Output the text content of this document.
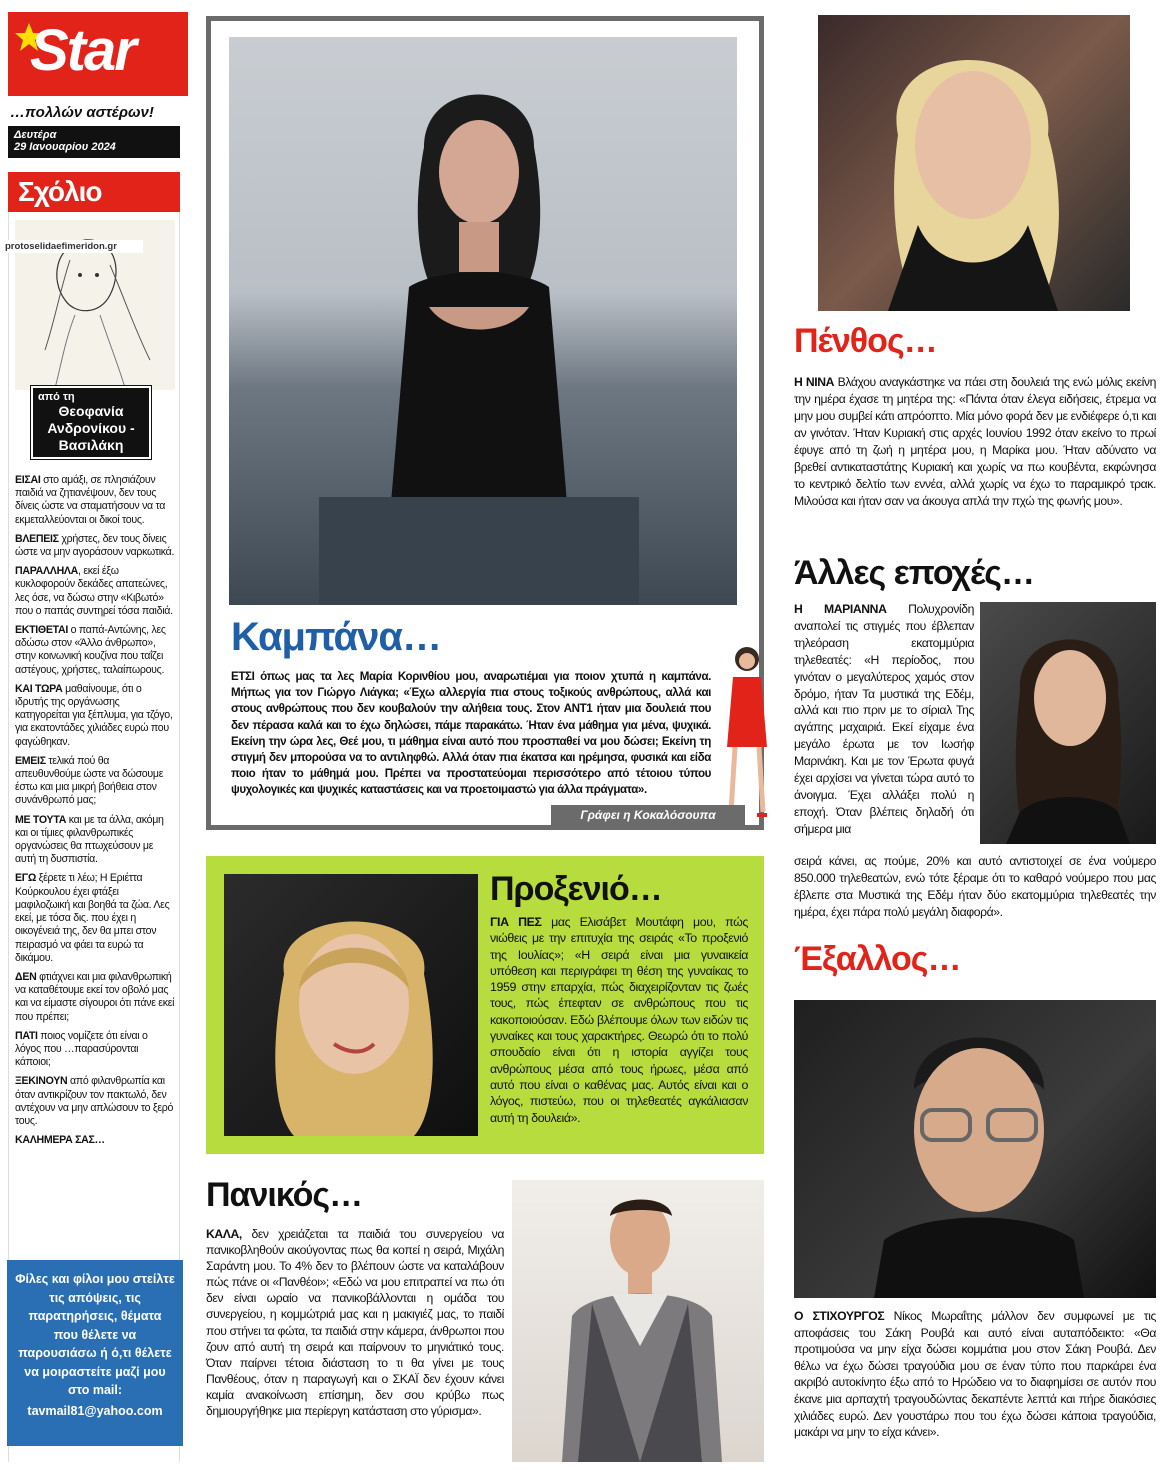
Star
…πολλών αστέρων!
Δευτέρα
29 Ιανουαρίου 2024
Σχόλιο
protoselidaefimeridon.gr
από τη
Θεοφανία Ανδρονίκου - Βασιλάκη

ΕΙΣΑΙ στο αμάξι, σε πλησιάζουν παιδιά να ζητιανέψουν, δεν τους δίνεις ώστε να σταματήσουν να τα εκμεταλλεύονται οι δικοί τους.

ΒΛΕΠΕΙΣ χρήστες, δεν τους δίνεις ώστε να μην αγοράσουν ναρκωτικά.

ΠΑΡΑΛΛΗΛΑ, εκεί έξω κυκλοφορούν δεκάδες απατεώνες, λες όσε, να δώσω στην «Κιβωτό» που ο παπάς συντηρεί τόσα παιδιά.

ΕΚΤΙΘΕΤΑΙ ο παπά-Αντώνης, λες αδώσω στον «Άλλο άνθρωπο», στην κοινωνική κουζίνα που ταΐζει αστέγους, χρήστες, ταλαίπωρους.

ΚΑΙ ΤΩΡΑ μαθαίνουμε, ότι ο ιδρυτής της οργάνωσης κατηγορείται για ξέπλυμα, για τζόγο, για εκατοντάδες χιλιάδες ευρώ που φαγώθηκαν.

ΕΜΕΙΣ τελικά πού θα απευθυνθούμε ώστε να δώσουμε έστω και μια μικρή βοήθεια στον συνάνθρωπό μας;

ΜΕ ΤΟΥΤΑ και με τα άλλα, ακόμη και οι τίμιες φιλανθρωπικές οργανώσεις θα πτωχεύσουν με αυτή τη δυσπιστία.

ΕΓΩ ξέρετε τι λέω; Η Εριέττα Κούρκουλου έχει φτάξει μαφιλοζωική και βοηθά τα ζώα. Λες εκεί, με τόσα δις. που έχει η οικογένειά της, δεν θα μπει στον πειρασμό να φάει τα ευρώ τα δικάμου.

ΔΕΝ φτιάχνει και μια φιλανθρωπική να καταθέτουμε εκεί τον οβολό μας και να είμαστε σίγουροι ότι πάνε εκεί που πρέπει;

ΠΑΤΙ ποιος νομίζετε ότι είναι ο λόγος που …παρασύρονται κάποιοι;

ΞΕΚΙΝΟΥΝ από φιλανθρωπία και όταν αντικρίζουν τον πακτωλό, δεν αντέχουν να μην απλώσουν το ξερό τους.

ΚΑΛΗΜΕΡΑ ΣΑΣ…

Φίλες και φίλοι μου στείλτε τις απόψεις, τις παρατηρήσεις, θέματα που θέλετε να παρουσιάσω ή ό,τι θέλετε να μοιραστείτε μαζί μου στο mail:
tavmail81@yahoo.com
Καμπάνα…

ΕΤΣΙ όπως μας τα λες Μαρία Κορινθίου μου, αναρωτιέμαι για ποιον χτυπά η καμπάνα. Μήπως για τον Γιώργο Λιάγκα; «Έχω αλλεργία πια στους τοξικούς ανθρώπους, αλλά και στους ανθρώπους που δεν κουβαλούν την αλήθεια τους. Στον ΑΝΤ1 ήταν μια δουλειά που δεν πέρασα καλά και το έχω δηλώσει, πάμε παρακάτω. Ήταν ένα μάθημα για μένα, ψυχικά. Εκείνη την ώρα λες, Θεέ μου, τι μάθημα είναι αυτό που προσπαθεί να μου δώσει; Εκείνη τη στιγμή δεν μπορούσα να το αντιληφθώ. Αλλά όταν πια έκατσα και ηρέμησα, φυσικά και είδα ποιο ήταν το μάθημά μου. Πρέπει να προστατεύομαι περισσότερο από τέτοιου τύπου ψυχολογικές και ψυχικές καταστάσεις και να προετοιμαστώ για άλλα πράγματα».

Γράφει η Κοκαλόσουπα
Προξενιό…

ΓΙΑ ΠΕΣ μας Ελισάβετ Μουτάφη μου, πώς νιώθεις με την επιτυχία της σειράς «Το προξενιό της Ιουλίας»; «Η σειρά είναι μια γυναικεία υπόθεση και περιγράφει τη θέση της γυναίκας το 1959 στην επαρχία, πώς διαχειρίζονταν τις ζωές τους, πώς έπεφταν σε ανθρώπους που τις κακοποιούσαν. Εδώ βλέπουμε όλων των ειδών τις γυναίκες και τους χαρακτήρες. Θεωρώ ότι το πολύ σπουδαίο είναι ότι η ιστορία αγγίζει τους ανθρώπους μέσα από τους ήρωες, μέσα από αυτό που είναι ο καθένας μας. Αυτός είναι και ο λόγος, πιστεύω, που οι τηλεθεατές αγκάλιασαν αυτή τη δουλειά».

Πανικός…

ΚΑΛΑ, δεν χρειάζεται τα παιδιά του συνεργείου να πανικοβληθούν ακούγοντας πως θα κοπεί η σειρά, Μιχάλη Σαράντη μου. Το 4% δεν το βλέπουν ώστε να καταλάβουν πώς πάνε οι «Πανθέοι»; «Εδώ να μου επιτραπεί να πω ότι δεν είναι ωραίο να πανικοβάλλονται η ομάδα του συνεργείου, η κομμώτριά μας και η μακιγιέζ μας, το παιδί που στήνει τα φώτα, τα παιδιά στην κάμερα, άνθρωποι που ζουν από αυτή τη σειρά και παίρνουν το μηνιάτικό τους. Όταν παίρνει τέτοια διάσταση το τι θα γίνει με τους Πανθέους, όταν η παραγωγή και ο ΣΚΑΪ δεν έχουν κάνει καμία ανακοίνωση επίσημη, δεν σου κρύβω πως δημιουργήθηκε μια περίεργη κατάσταση στο γύρισμα».

Πένθος…

Η ΝΙΝΑ Βλάχου αναγκάστηκε να πάει στη δουλειά της ενώ μόλις εκείνη την ημέρα έχασε τη μητέρα της: «Πάντα όταν έλεγα ειδήσεις, έτρεμα να μην μου συμβεί κάτι απρόοπτο. Μία μόνο φορά δεν με ενδιέφερε ό,τι και αν γινόταν. Ήταν Κυριακή στις αρχές Ιουνίου 1992 όταν εκείνο το πρωί έφυγε από τη ζωή η μητέρα μου, η Μαρίκα μου. Ήταν αδύνατο να βρεθεί αντικαταστάτης Κυριακή και χωρίς να πω κουβέντα, εκφώνησα το κεντρικό δελτίο των εννέα, αλλά χωρίς να έχω το παραμικρό τρακ. Μιλούσα και ήταν σαν να άκουγα απλά την πχώ της φωνής μου».

Άλλες εποχές…

Η ΜΑΡΙΑΝΝΑ Πολυχρονίδη αναπολεί τις στιγμές που έβλεπαν τηλεόραση εκατομμύρια τηλεθεατές: «Η περίοδος, που γινόταν ο μεγαλύτερος χαμός στον δρόμο, ήταν Τα μυστικά της Εδέμ, αλλά και πιο πριν με το σίριαλ Της αγάπης μαχαιριά. Εκεί είχαμε ένα μεγάλο έρωτα με τον Ιωσήφ Μαρινάκη. Και με τον Έρωτα φυγά έχει αρχίσει να γίνεται τώρα αυτό το άνοιγμα. Έχει αλλάξει πολύ η εποχή. Όταν βλέπεις δηλαδή ότι σήμερα μια

σειρά κάνει, ας πούμε, 20% και αυτό αντιστοιχεί σε ένα νούμερο 850.000 τηλεθεατών, ενώ τότε ξέραμε ότι το καθαρό νούμερο που μας έβλεπε στα Μυστικά της Εδέμ ήταν δύο εκατομμύρια τηλεθεατές την ημέρα, έχει πάρα πολύ μεγάλη διαφορά».

Έξαλλος…

Ο ΣΤΙΧΟΥΡΓΟΣ Νίκος Μωραΐτης μάλλον δεν συμφωνεί με τις αποφάσεις του Σάκη Ρουβά και αυτό είναι αυταπόδεικτο: «Θα προτιμούσα να μην είχα δώσει κομμάτια μου στον Σάκη Ρουβά. Δεν θέλω να έχω δώσει τραγούδια μου σε έναν τύπο που παρκάρει ένα ακριβό αυτοκίνητο έξω από το Ηρώδειο να το διαφημίσει σε αυτόν που έκανε μια αρπαχτή τραγουδώντας δεκαπέντε λεπτά και πήρε διακόσιες χιλιάδες ευρώ. Δεν γουστάρω που του έχω δώσει κάποια τραγούδια, μακάρι να μην το είχα κάνει».
